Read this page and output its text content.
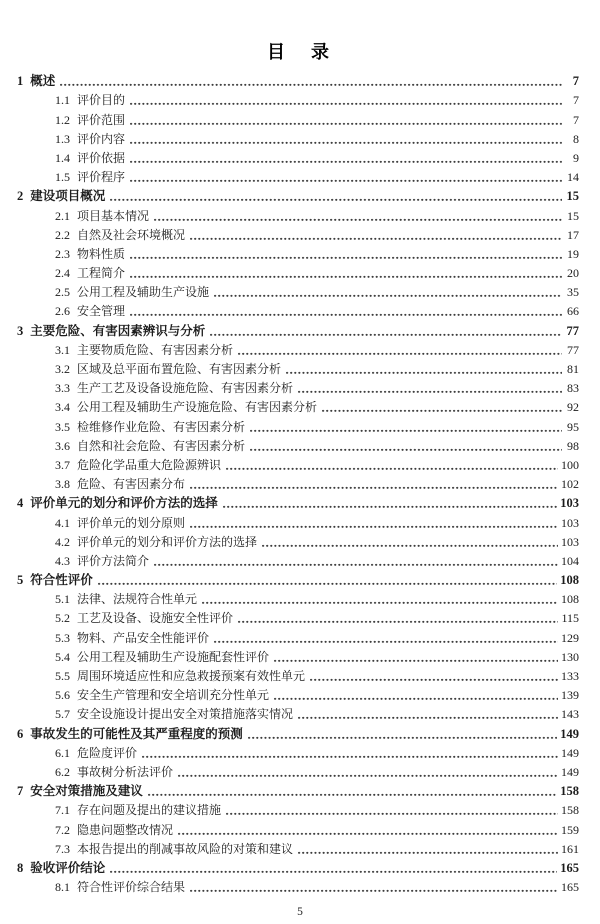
目　录
1 概述	7
1.1 评价目的	7
1.2 评价范围	7
1.3 评价内容	8
1.4 评价依据	9
1.5 评价程序	14
2 建设项目概况	15
2.1 项目基本情况	15
2.2 自然及社会环境概况	17
2.3 物料性质	19
2.4 工程简介	20
2.5 公用工程及辅助生产设施	35
2.6 安全管理	66
3 主要危险、有害因素辨识与分析	77
3.1 主要物质危险、有害因素分析	77
3.2 区域及总平面布置危险、有害因素分析	81
3.3 生产工艺及设备设施危险、有害因素分析	83
3.4 公用工程及辅助生产设施危险、有害因素分析	92
3.5 检维修作业危险、有害因素分析	95
3.6 自然和社会危险、有害因素分析	98
3.7 危险化学品重大危险源辨识	100
3.8 危险、有害因素分布	102
4 评价单元的划分和评价方法的选择	103
4.1 评价单元的划分原则	103
4.2 评价单元的划分和评价方法的选择	103
4.3 评价方法简介	104
5 符合性评价	108
5.1 法律、法规符合性单元	108
5.2 工艺及设备、设施安全性评价	115
5.3 物料、产品安全性能评价	129
5.4 公用工程及辅助生产设施配套性评价	130
5.5 周围环境适应性和应急救援预案有效性单元	133
5.6 安全生产管理和安全培训充分性单元	139
5.7 安全设施设计提出安全对策措施落实情况	143
6 事故发生的可能性及其严重程度的预测	149
6.1 危险度评价	149
6.2 事故树分析法评价	149
7 安全对策措施及建议	158
7.1 存在问题及提出的建议措施	158
7.2 隐患问题整改情况	159
7.3 本报告提出的削减事故风险的对策和建议	161
8 验收评价结论	165
8.1 符合性评价综合结果	165
5
